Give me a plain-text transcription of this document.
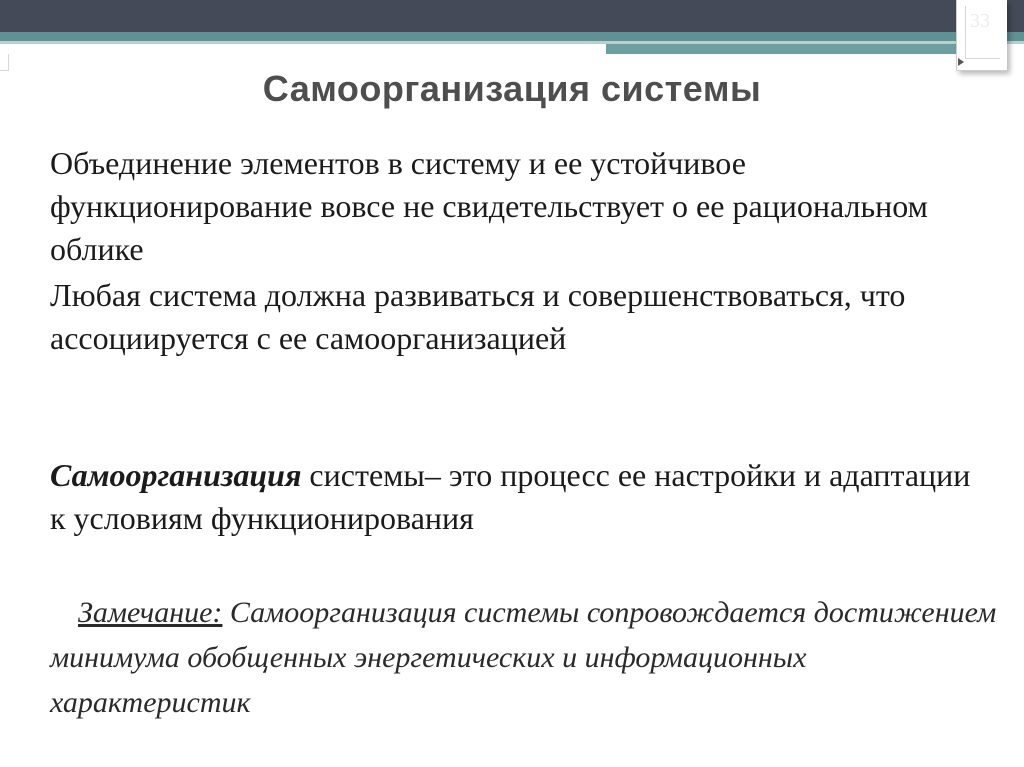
33
Самоорганизация системы
Объединение элементов в систему и ее устойчивое функционирование вовсе не свидетельствует о ее рациональном облике
Любая система должна развиваться и совершенствоваться, что ассоциируется с ее самоорганизацией
Самоорганизация системы– это процесс ее настройки и адаптации к условиям функционирования
Замечание: Самоорганизация системы сопровождается достижением минимума обобщенных энергетических и информационных характеристик
